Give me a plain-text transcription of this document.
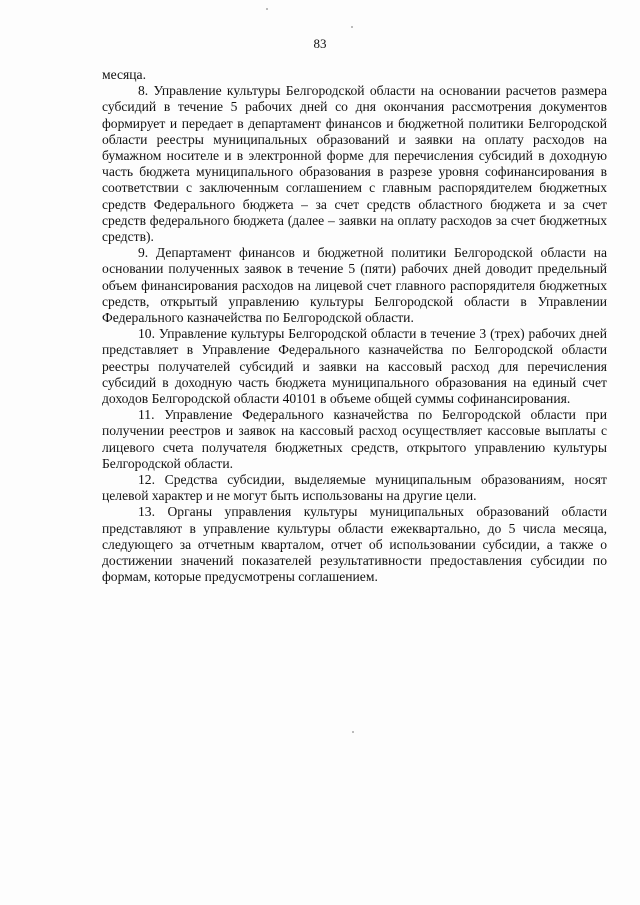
83

месяца.

8. Управление культуры Белгородской области на основании расчетов размера субсидий в течение 5 рабочих дней со дня окончания рассмотрения документов формирует и передает в департамент финансов и бюджетной политики Белгородской области реестры муниципальных образований и заявки на оплату расходов на бумажном носителе и в электронной форме для перечисления субсидий в доходную часть бюджета муниципального образования в разрезе уровня софинансирования в соответствии с заключенным соглашением с главным распорядителем бюджетных средств Федерального бюджета – за счет средств областного бюджета и за счет средств федерального бюджета (далее – заявки на оплату расходов за счет бюджетных средств).

9. Департамент финансов и бюджетной политики Белгородской области на основании полученных заявок в течение 5 (пяти) рабочих дней доводит предельный объем финансирования расходов на лицевой счет главного распорядителя бюджетных средств, открытый управлению культуры Белгородской области в Управлении Федерального казначейства по Белгородской области.

10. Управление культуры Белгородской области в течение 3 (трех) рабочих дней представляет в Управление Федерального казначейства по Белгородской области реестры получателей субсидий и заявки на кассовый расход для перечисления субсидий в доходную часть бюджета муниципального образования на единый счет доходов Белгородской области 40101 в объеме общей суммы софинансирования.

11. Управление Федерального казначейства по Белгородской области при получении реестров и заявок на кассовый расход осуществляет кассовые выплаты с лицевого счета получателя бюджетных средств, открытого управлению культуры Белгородской области.

12. Средства субсидии, выделяемые муниципальным образованиям, носят целевой характер и не могут быть использованы на другие цели.

13. Органы управления культуры муниципальных образований области представляют в управление культуры области ежеквартально, до 5 числа месяца, следующего за отчетным кварталом, отчет об использовании субсидии, а также о достижении значений показателей результативности предоставления субсидии по формам, которые предусмотрены соглашением.
